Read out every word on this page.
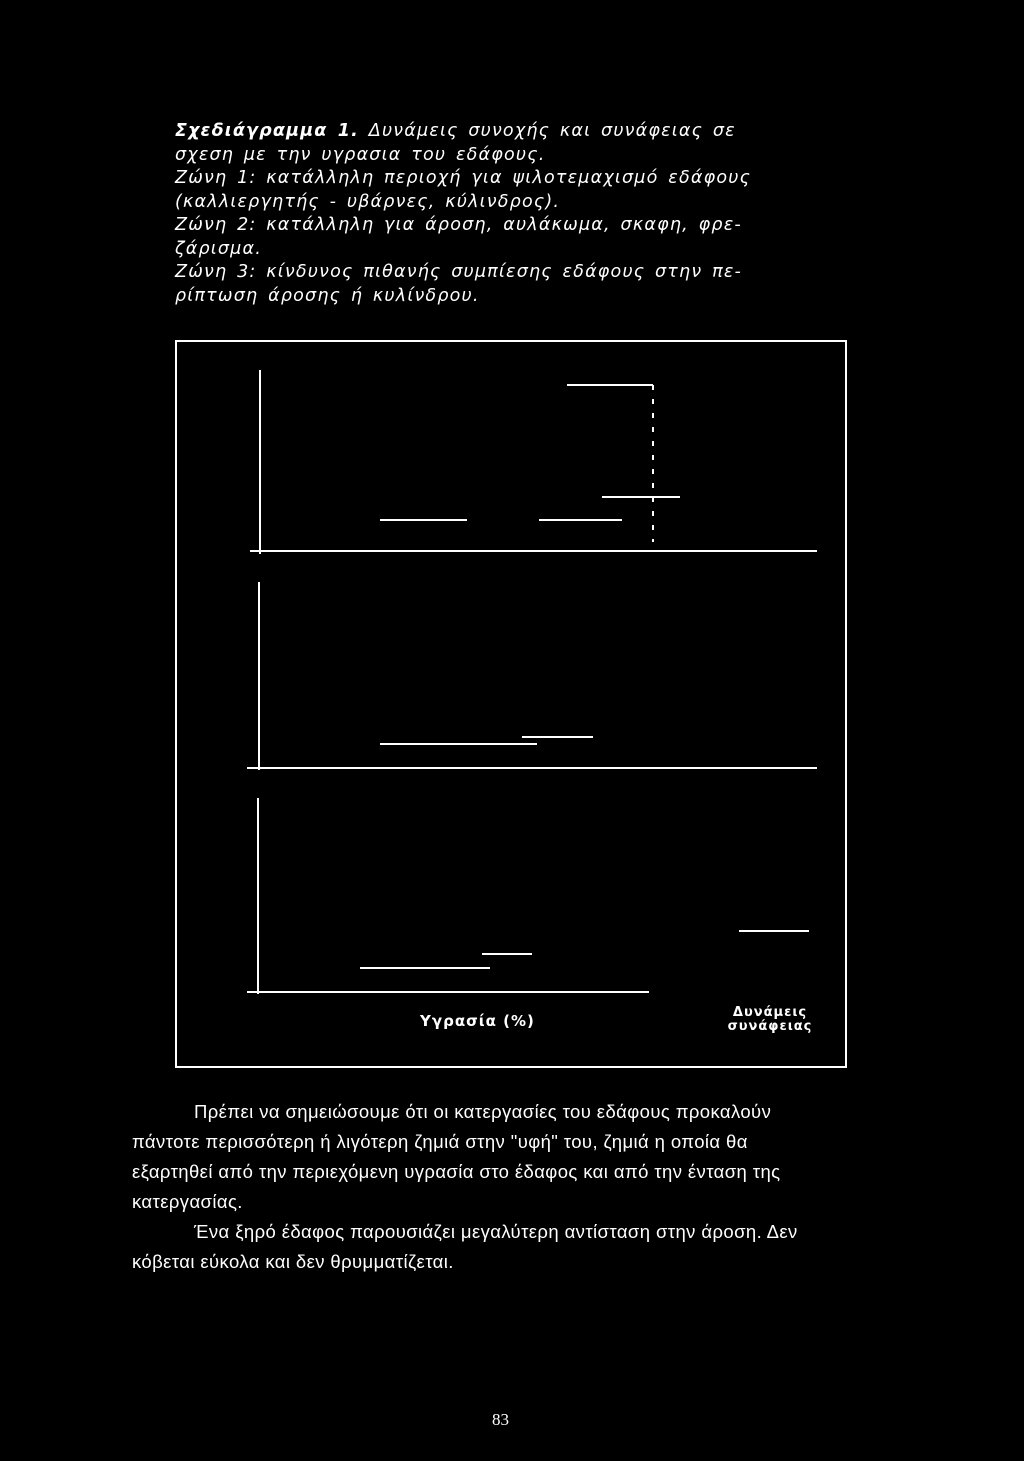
Σχεδιάγραμμα 1. Δυνάμεις συνοχής και συνάφειας σε
σχεση με την υγρασια του εδάφους.
Ζώνη 1: κατάλληλη περιοχή για ψιλοτεμαχισμό εδάφους
(καλλιεργητής - υβάρνες, κύλινδρος).
Ζώνη 2: κατάλληλη για άροση, αυλάκωμα, σκαφη, φρε-
ζάρισμα.
Ζώνη 3: κίνδυνος πιθανής συμπίεσης εδάφους στην πε-
ρίπτωση άροσης ή κυλίνδρου.
Υγρασία (%)	Δυνάμεις
συνάφειας
Πρέπει να σημειώσουμε ότι οι κατεργασίες του εδάφους προκαλούν
πάντοτε περισσότερη ή λιγότερη ζημιά στην "υφή" του, ζημιά η οποία θα
εξαρτηθεί από την περιεχόμενη υγρασία στο έδαφος και από την ένταση της
κατεργασίας.
Ένα ξηρό έδαφος παρουσιάζει μεγαλύτερη αντίσταση στην άροση. Δεν
κόβεται εύκολα και δεν θρυμματίζεται.
83
